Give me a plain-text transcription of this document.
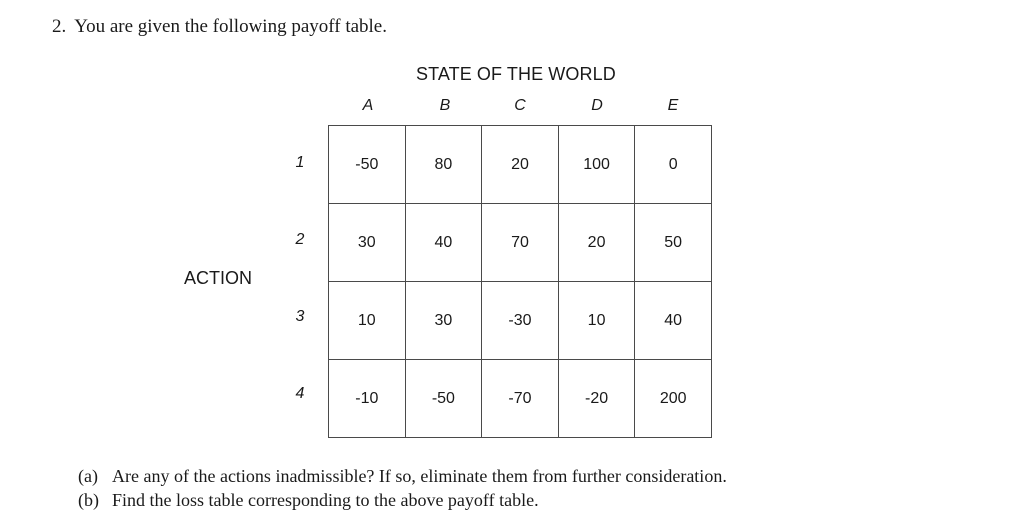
2. You are given the following payoff table.
STATE OF THE WORLD
A	B	C	D	E
ACTION
1
2
3
4
-50	80	20	100	0
30	40	70	20	50
10	30	-30	10	40
-10	-50	-70	-20	200
(a) Are any of the actions inadmissible? If so, eliminate them from further consideration.
(b) Find the loss table corresponding to the above payoff table.
